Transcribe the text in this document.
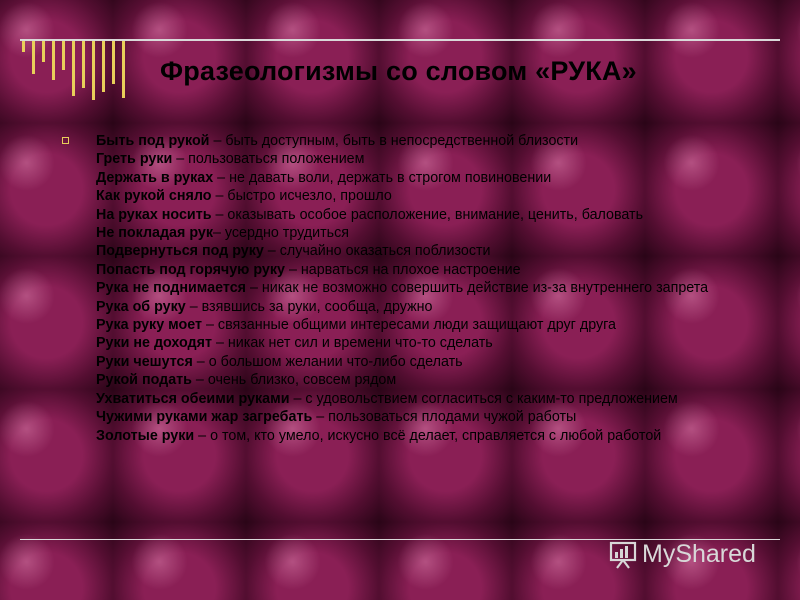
Фразеологизмы со словом «РУКА»
Быть под рукой – быть доступным, быть в непосредственной близости
Греть руки – пользоваться положением
Держать в руках – не давать воли, держать в строгом повиновении
Как рукой сняло – быстро исчезло, прошло
На руках носить – оказывать особое расположение, внимание, ценить, баловать
Не покладая рук– усердно трудиться
Подвернуться под руку – случайно оказаться поблизости
Попасть под горячую руку – нарваться на плохое настроение
Рука не поднимается – никак не возможно совершить действие из-за внутреннего запрета
Рука об руку – взявшись за руки, сообща, дружно
Рука руку моет – связанные общими интересами люди защищают друг друга
Руки не доходят – никак нет сил и времени что-то сделать
Руки чешутся – о большом желании что-либо сделать
Рукой подать – очень близко, совсем рядом
Ухватиться обеими руками – с удовольствием согласиться с каким-то предложением
Чужими руками жар загребать – пользоваться плодами чужой работы
Золотые руки – о том, кто умело, искусно всё делает, справляется с любой работой
MyShared
